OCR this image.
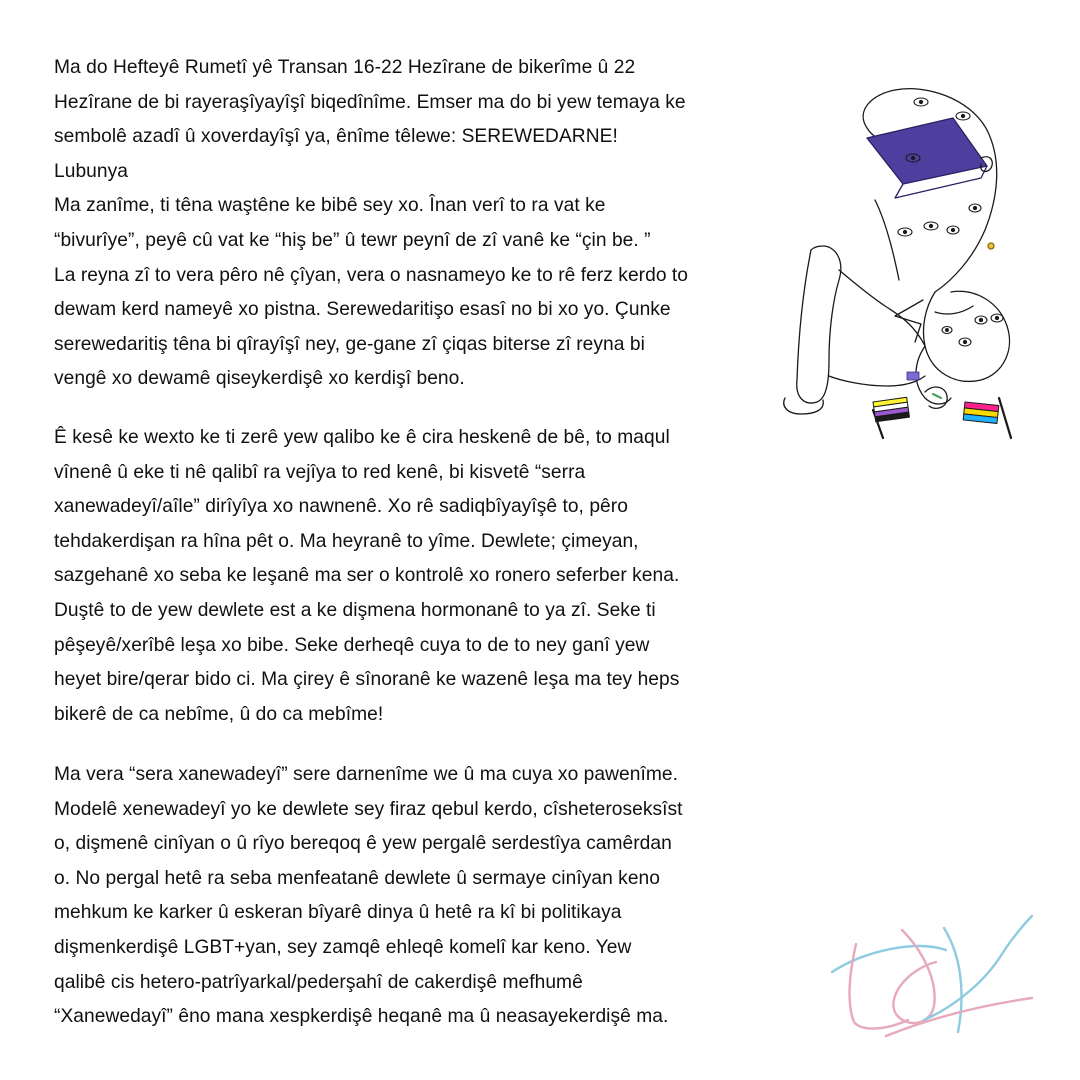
Ma do Hefteyê Rumetî yê Transan 16-22 Hezîrane de bikerîme û 22
Hezîrane de bi rayeraşîyayîşî biqedînîme. Emser ma do bi yew temaya ke
sembolê azadî û xoverdayîşî ya, ênîme têlewe: SEREWEDARNE!
Lubunya
Ma zanîme, ti têna waştêne ke bibê sey xo. Înan verî to ra vat ke
“bivurîye”, peyê cû vat ke “hiş be” û tewr peynî de zî vanê ke “çin be. ”
La reyna zî to vera pêro nê çîyan, vera o nasnameyo ke to rê ferz kerdo to
dewam kerd nameyê xo pistna. Serewedaritişo esasî no bi xo yo. Çunke
serewedaritiş têna bi qîrayîşî ney, ge-gane zî çiqas biterse zî reyna bi
vengê xo dewamê qiseykerdişê xo kerdişî beno.
Ê kesê ke wexto ke ti zerê yew qalibo ke ê cira heskenê de bê, to maqul
vînenê û eke ti nê qalibî ra vejîya to red kenê, bi kisvetê “serra
xanewadeyî/aîle” dirîyîya xo nawnenê. Xo rê sadiqbîyayîşê to, pêro
tehdakerdişan ra hîna pêt o. Ma heyranê to yîme. Dewlete; çimeyan,
sazgehanê xo seba ke leşanê ma ser o kontrolê xo ronero seferber kena.
Duştê to de yew dewlete est a ke dişmena hormonanê to ya zî. Seke ti
pêşeyê/xerîbê leşa xo bibe. Seke derheqê cuya to de to ney ganî yew
heyet bire/qerar bido ci. Ma çirey ê sînoranê ke wazenê leşa ma tey heps
bikerê de ca nebîme, û do ca mebîme!
Ma vera “sera xanewadeyî” sere darnenîme we û ma cuya xo pawenîme.
Modelê xenewadeyî yo ke dewlete sey firaz qebul kerdo, cîsheteroseksîst
o, dişmenê cinîyan o û rîyo bereqoq ê yew pergalê serdestîya camêrdan
o. No pergal hetê ra seba menfeatanê dewlete û sermaye cinîyan keno
mehkum ke karker û eskeran bîyarê dinya û hetê ra kî bi politikaya
dişmenkerdişê LGBT+yan, sey zamqê ehleqê komelî kar keno. Yew
qalibê cis hetero-patrîyarkal/pederşahî de cakerdişê mefhumê
“Xanewedayî” êno mana xespkerdişê heqanê ma û neasayekerdişê ma.
